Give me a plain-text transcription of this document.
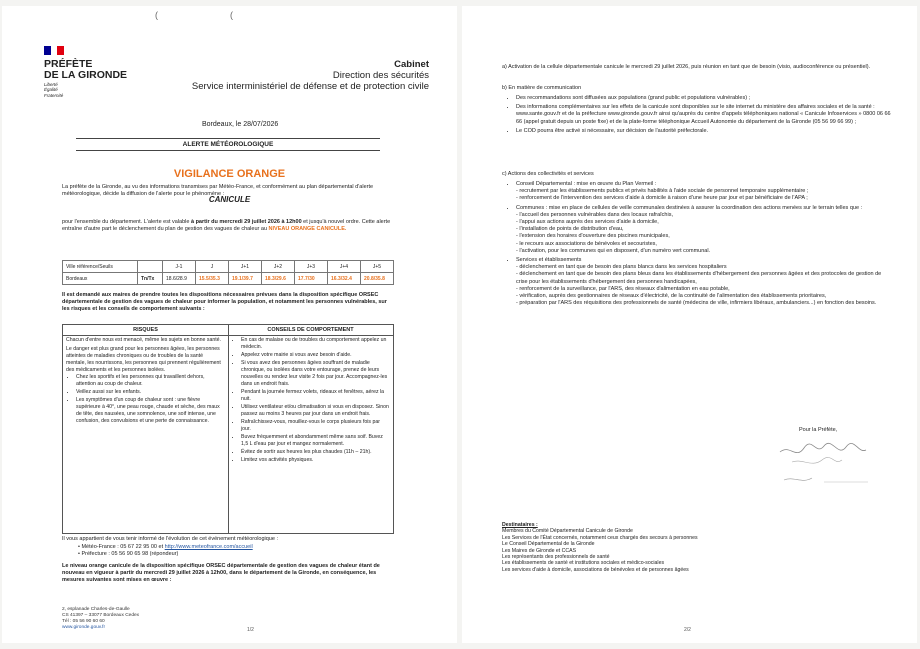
(	(
PRÉFÈTE
DE LA GIRONDE
Liberté
Égalité
Fraternité
Cabinet
Direction des sécurités
Service interministériel de défense et de protection civile
Bordeaux, le 28/07/2026
ALERTE MÉTÉOROLOGIQUE
VIGILANCE ORANGE
La préfète de la Gironde, au vu des informations transmises par Météo-France, et conformément au plan départemental d'alerte météorologique, décide la diffusion de l'alerte pour le phénomène :
CANICULE
pour l'ensemble du département. L'alerte est valable à partir du mercredi 29 juillet 2026 à 12h00 et jusqu'à nouvel ordre. Cette alerte entraîne d'autre part le déclenchement du plan de gestion des vagues de chaleur au NIVEAU ORANGE CANICULE.
Ville référence/Seuils		J-1	J	J+1	J+2	J+3	J+4	J+5
Bordeaux	Tn/Tx	18.6/28.9	15.5/35.3	19.1/39.7	18.3/29.6	17.7/30	16.3/32.4	20.8/35.8
Il est demandé aux maires de prendre toutes les dispositions nécessaires prévues dans la disposition spécifique ORSEC départementale de gestion des vagues de chaleur pour informer la population, et notamment les personnes vulnérables, sur les risques et les conseils de comportement suivants :
RISQUES	CONSEILS DE COMPORTEMENT
Chacun d'entre nous est menacé, même les sujets en bonne santé.
Le danger est plus grand pour les personnes âgées, les personnes atteintes de maladies chroniques ou de troubles de la santé mentale, les nourrissons, les personnes qui prennent régulièrement des médicaments et les personnes isolées.
• Chez les sportifs et les personnes qui travaillent dehors, attention au coup de chaleur.
• Veillez aussi sur les enfants.
• Les symptômes d'un coup de chaleur sont : une fièvre supérieure à 40°, une peau rouge, chaude et sèche, des maux de tête, des nausées, une somnolence, une soif intense, une confusion, des convulsions et une perte de connaissance.
• En cas de malaise ou de troubles du comportement appelez un médecin.
• Appelez votre mairie si vous avez besoin d'aide.
• Si vous avez des personnes âgées souffrant de maladie chronique, ou isolées dans votre entourage, prenez de leurs nouvelles ou rendez leur visite 2 fois par jour. Accompagnez-les dans un endroit frais.
• Pendant la journée fermez volets, rideaux et fenêtres, aérez la nuit.
• Utilisez ventilateur et/ou climatisation si vous en disposez. Sinon passez au moins 3 heures par jour dans un endroit frais.
• Rafraîchissez-vous, mouillez-vous le corps plusieurs fois par jour.
• Buvez fréquemment et abondamment même sans soif. Buvez 1,5 L d'eau par jour et mangez normalement.
• Évitez de sortir aux heures les plus chaudes (11h – 21h).
• Limitez vos activités physiques.
Il vous appartient de vous tenir informé de l'évolution de cet événement météorologique :
• Météo-France : 05 67 22 95 00 et http://www.meteofrance.com/accueil
• Préfecture : 05 56 90 65 98 (répondeur)
Le niveau orange canicule de la disposition spécifique ORSEC départementale de gestion des vagues de chaleur étant de nouveau en vigueur à partir du mercredi 29 juillet 2026 à 12h00, dans le département de la Gironde, en conséquence, les mesures suivantes sont mises en œuvre :
2, esplanade Charles-de-Gaulle
CS 41397 – 33077 Bordeaux Cedex
Tél : 05 56 90 60 60
www.gironde.gouv.fr	1/2
a) Activation de la cellule départementale canicule le mercredi 29 juillet 2026, puis réunion en tant que de besoin (visio, audioconférence ou présentiel).
b) En matière de communication
• Des recommandations sont diffusées aux populations (grand public et populations vulnérables) ;
• Des informations complémentaires sur les effets de la canicule sont disponibles sur le site internet du ministère des affaires sociales et de la santé : www.sante.gouv.fr et de la préfecture www.gironde.gouv.fr ainsi qu'auprès du centre d'appels téléphoniques national « Canicule Infoservices » 0800 06 66 66 (appel gratuit depuis un poste fixe) et de la plate-forme téléphonique Accueil Autonomie du département de la Gironde (05 56 99 66 99) ;
• Le COD pourra être activé si nécessaire, sur décision de l'autorité préfectorale.
c) Actions des collectivités et services
• Conseil Départemental : mise en œuvre du Plan Vermeil :
- recrutement par les établissements publics et privés habilités à l'aide sociale de personnel temporaire supplémentaire ;
- renforcement de l'intervention des services d'aide à domicile à raison d'une heure par jour et par bénéficiaire de l'APA ;
• Communes : mise en place de cellules de veille communales destinées à assurer la coordination des actions menées sur le terrain telles que :
- l'accueil des personnes vulnérables dans des locaux rafraîchis,
- l'appui aux actions auprès des services d'aide à domicile,
- l'installation de points de distribution d'eau,
- l'extension des horaires d'ouverture des piscines municipales,
- le recours aux associations de bénévoles et secouristes,
- l'activation, pour les communes qui en disposent, d'un numéro vert communal.
• Services et établissements
- déclenchement en tant que de besoin des plans blancs dans les services hospitaliers
- déclenchement en tant que de besoin des plans bleus dans les établissements d'hébergement des personnes âgées et des protocoles de gestion de crise pour les établissements d'hébergement des personnes handicapées,
- renforcement de la surveillance, par l'ARS, des réseaux d'alimentation en eau potable,
- vérification, auprès des gestionnaires de réseaux d'électricité, de la continuité de l'alimentation des établissements prioritaires,
- préparation par l'ARS des réquisitions des professionnels de santé (médecins de ville, infirmiers libéraux, ambulanciers...) en fonction des besoins.
Pour la Préfète,
Destinataires :
Membres du Comité Départemental Canicule de Gironde
Les Services de l'État concernés, notamment ceux chargés des secours à personnes
Le Conseil Départemental de la Gironde
Les Maires de Gironde et CCAS
Les représentants des professionnels de santé
Les établissements de santé et institutions sociales et médico-sociales
Les services d'aide à domicile, associations de bénévoles et de personnes âgées
2/2
